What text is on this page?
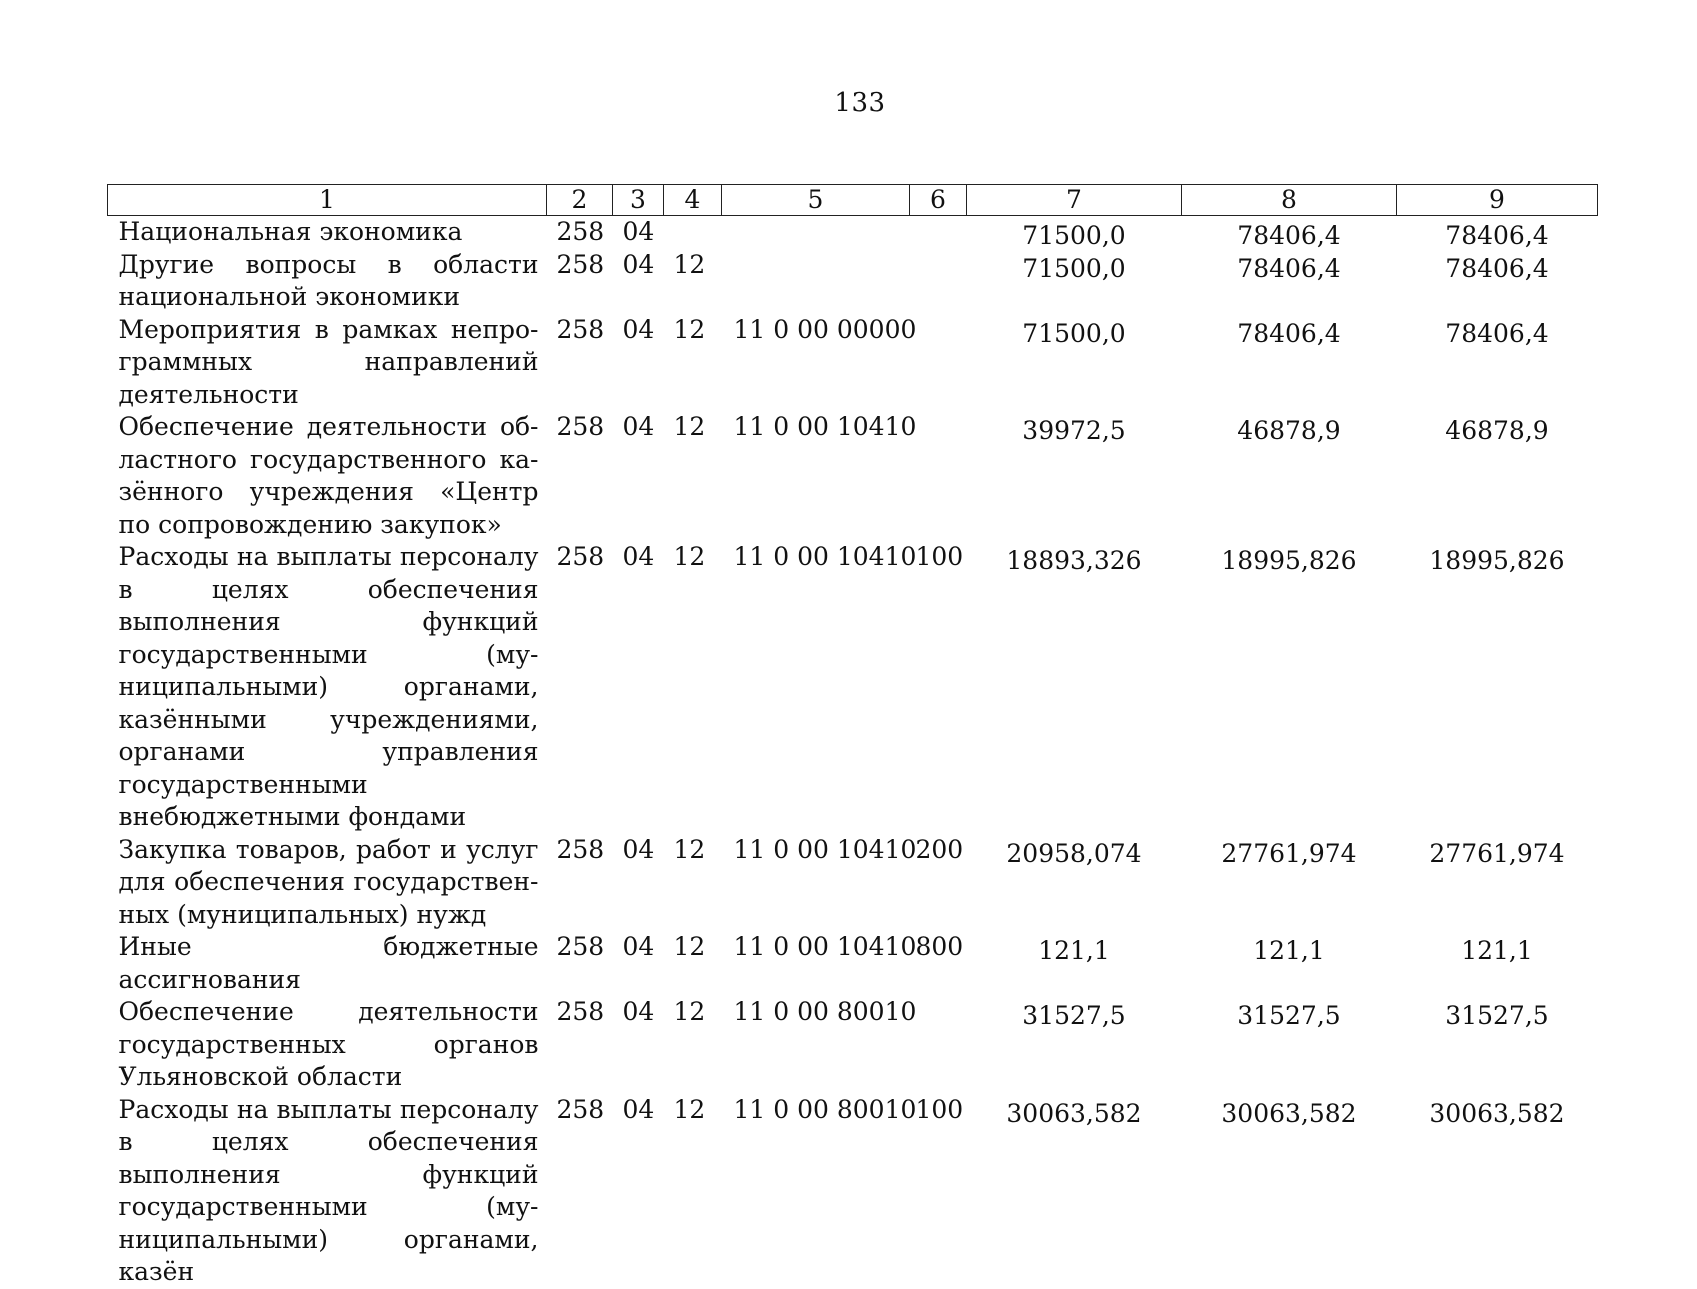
133
1	2	3	4	5	6	7	8	9
Национальная экономика	258	04				71500,0	78406,4	78406,4
Другие вопросы в области национальной экономики	258	04	12			71500,0	78406,4	78406,4
Мероприятия в рамках непрограммных направлений деятельности	258	04	12	11 0 00 00000		71500,0	78406,4	78406,4
Обеспечение деятельности областного государственного казённого учреждения «Центр по сопровождению закупок»	258	04	12	11 0 00 10410		39972,5	46878,9	46878,9
Расходы на выплаты персоналу в целях обеспечения выполнения функций государственными (муниципальными) органами, казёнными учреждениями, органами управления государственными внебюджетными фондами	258	04	12	11 0 00 10410	100	18893,326	18995,826	18995,826
Закупка товаров, работ и услуг для обеспечения государственных (муниципальных) нужд	258	04	12	11 0 00 10410	200	20958,074	27761,974	27761,974
Иные бюджетные ассигнования	258	04	12	11 0 00 10410	800	121,1	121,1	121,1
Обеспечение деятельности государственных органов Ульяновской области	258	04	12	11 0 00 80010		31527,5	31527,5	31527,5
Расходы на выплаты персоналу в целях обеспечения выполнения функций государственными (муниципальными) органами, казён	258	04	12	11 0 00 80010	100	30063,582	30063,582	30063,582
